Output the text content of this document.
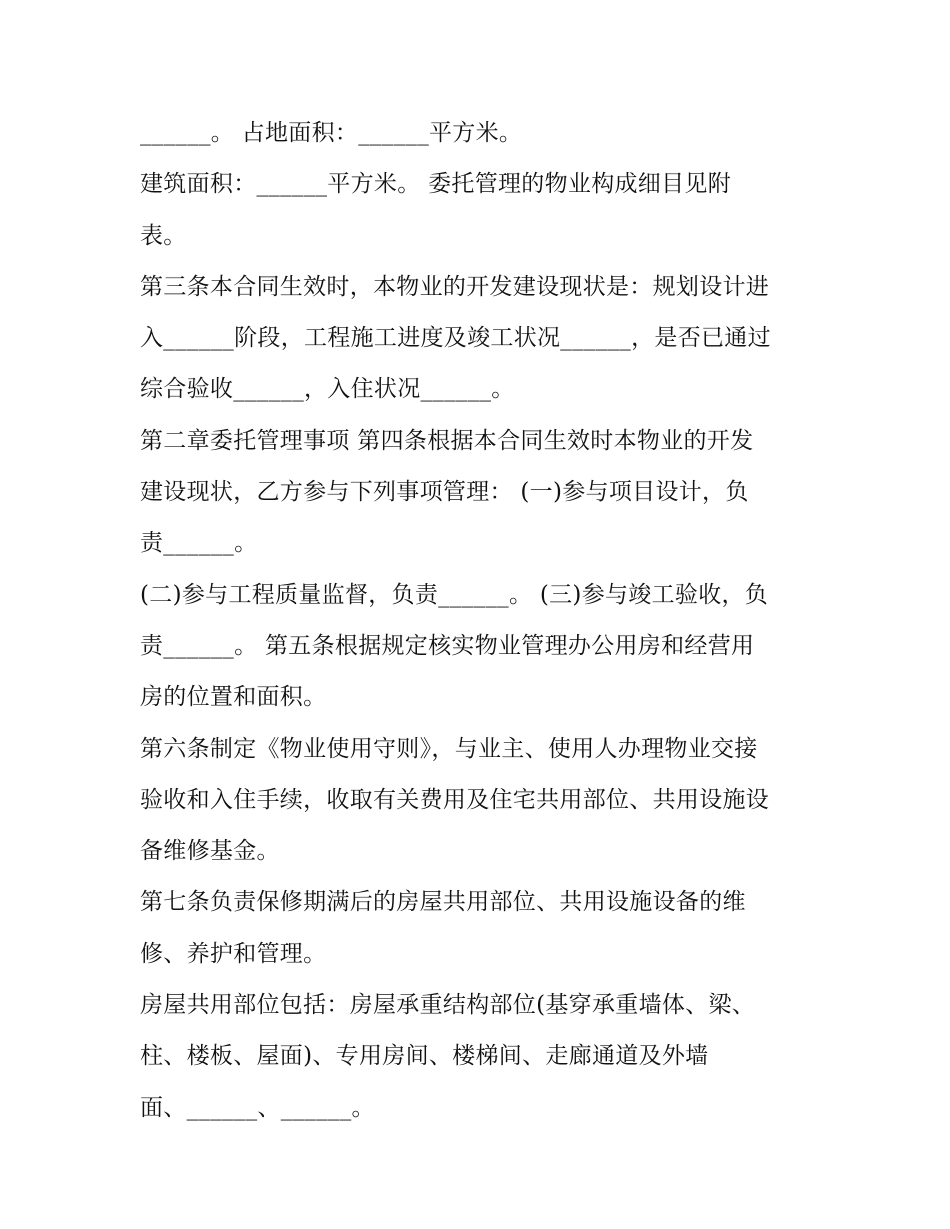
______。 占地面积：______平方米。
建筑面积：______平方米。 委托管理的物业构成细目见附
表。
第三条本合同生效时，本物业的开发建设现状是：规划设计进
入______阶段，工程施工进度及竣工状况______，是否已通过
综合验收______，入住状况______。
第二章委托管理事项 第四条根据本合同生效时本物业的开发
建设现状，乙方参与下列事项管理： (一)参与项目设计，负
责______。
(二)参与工程质量监督，负责______。 (三)参与竣工验收，负
责______。 第五条根据规定核实物业管理办公用房和经营用
房的位置和面积。
第六条制定《物业使用守则》，与业主、使用人办理物业交接
验收和入住手续，收取有关费用及住宅共用部位、共用设施设
备维修基金。
第七条负责保修期满后的房屋共用部位、共用设施设备的维
修、养护和管理。
房屋共用部位包括：房屋承重结构部位(基穿承重墙体、梁、
柱、楼板、屋面)、专用房间、楼梯间、走廊通道及外墙
面、______、______。
